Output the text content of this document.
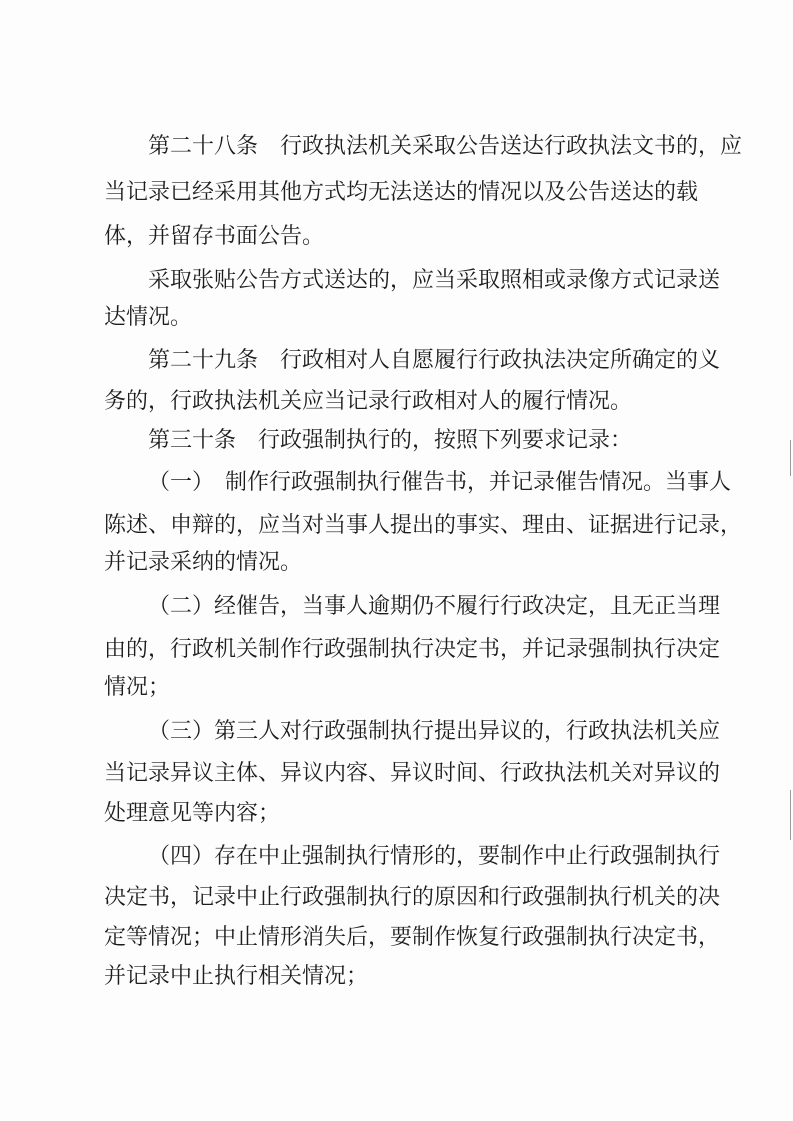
第二十八条　行政执法机关采取公告送达行政执法文书的，应
当记录已经采用其他方式均无法送达的情况以及公告送达的载
体，并留存书面公告。
采取张贴公告方式送达的，应当采取照相或录像方式记录送
达情况。
第二十九条　行政相对人自愿履行行政执法决定所确定的义
务的，行政执法机关应当记录行政相对人的履行情况。
第三十条　行政强制执行的，按照下列要求记录：
（一）　制作行政强制执行催告书，并记录催告情况。当事人
陈述、申辩的，应当对当事人提出的事实、理由、证据进行记录，
并记录采纳的情况。
（二）经催告，当事人逾期仍不履行行政决定，且无正当理
由的，行政机关制作行政强制执行决定书，并记录强制执行决定
情况；
（三）第三人对行政强制执行提出异议的，行政执法机关应
当记录异议主体、异议内容、异议时间、行政执法机关对异议的
处理意见等内容；
（四）存在中止强制执行情形的，要制作中止行政强制执行
决定书，记录中止行政强制执行的原因和行政强制执行机关的决
定等情况；中止情形消失后，要制作恢复行政强制执行决定书，
并记录中止执行相关情况；
